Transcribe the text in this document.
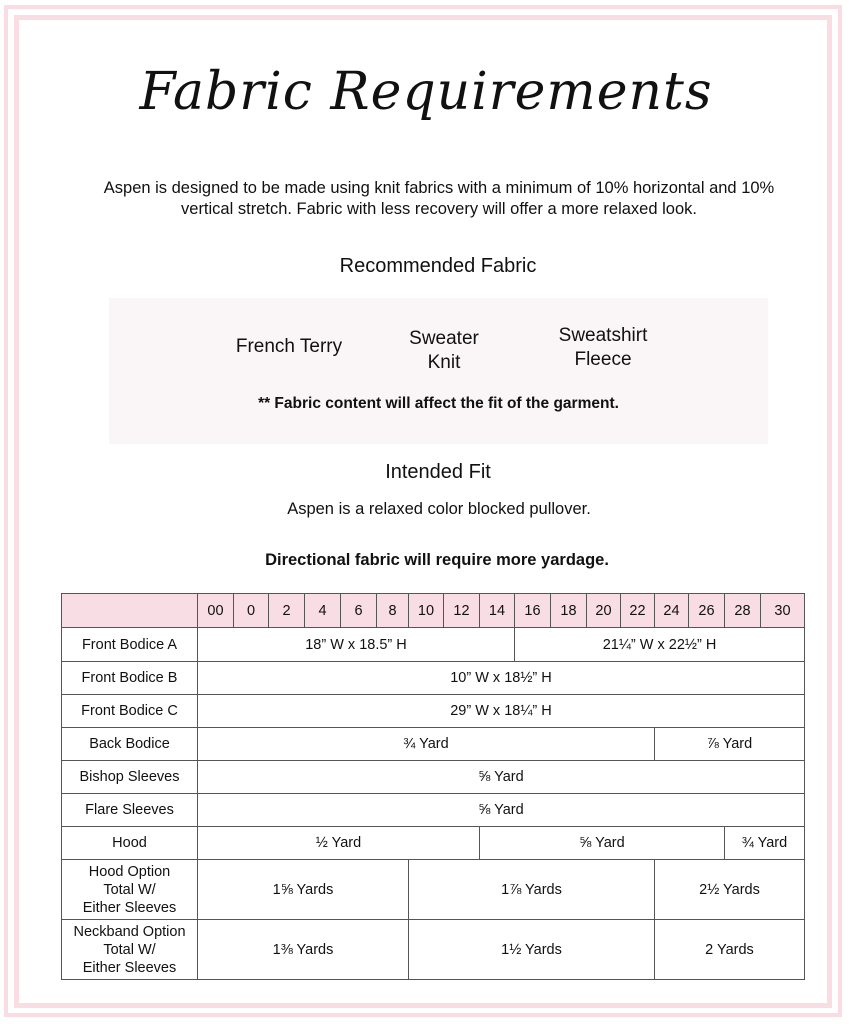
Fabric Requirements
Aspen is designed to be made using knit fabrics with a minimum of 10% horizontal and 10% vertical stretch. Fabric with less recovery will offer a more relaxed look.
Recommended Fabric
French Terry	Sweater
Knit
Sweatshirt
Fleece
** Fabric content will affect the fit of the garment.
Intended Fit
Aspen is a relaxed color blocked pullover.
Directional fabric will require more yardage.
	00	0	2	4	6	8	10	12	14	16	18	20	22	24	26	28	30

Front Bodice A	18” W x 18.5” H									21¼” W x 22½” H							

Front Bodice B	10” W x 18½” H																

Front Bodice C	29” W x 18¼” H																

Back Bodice	¾ Yard													⅞ Yard			

Bishop Sleeves	⅝ Yard																

Flare Sleeves	⅝ Yard																

Hood	½ Yard								⅝ Yard							¾ Yard	

Hood Option
Total W/
Either Sleeves	1⅝ Yards						1⅞ Yards							2½ Yards			

Neckband Option
Total W/
Either Sleeves	1⅜ Yards						1½ Yards							2 Yards			
